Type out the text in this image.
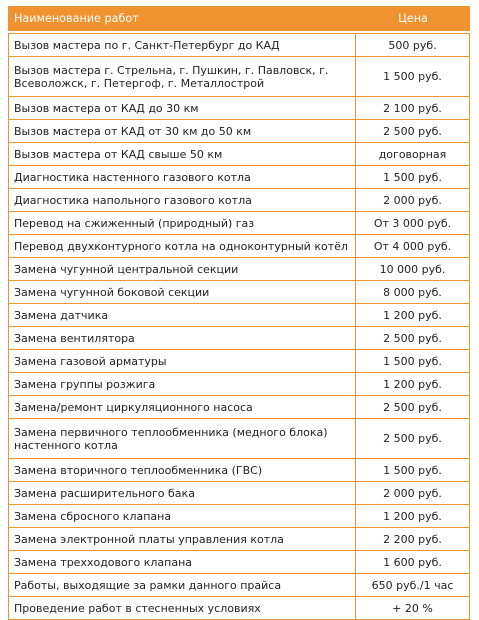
Наименование работ	Цена
Вызов мастера по г. Санкт-Петербург до КАД	500 руб.
Вызов мастера г. Стрельна, г. Пушкин, г. Павловск, г. Всеволожск, г. Петергоф, г. Металлострой	1 500 руб.
Вызов мастера от КАД до 30 км	2 100 руб.
Вызов мастера от КАД от 30 км до 50 км	2 500 руб.
Вызов мастера от КАД свыше 50 км	договорная
Диагностика настенного газового котла	1 500 руб.
Диагностика напольного газового котла	2 000 руб.
Перевод на сжиженный (природный) газ	От 3 000 руб.
Перевод двухконтурного котла на одноконтурный котёл	От 4 000 руб.
Замена чугунной центральной секции	10 000 руб.
Замена чугунной боковой секции	8 000 руб.
Замена датчика	1 200 руб.
Замена вентилятора	2 500 руб.
Замена газовой арматуры	1 500 руб.
Замена группы розжига	1 200 руб.
Замена/ремонт циркуляционного насоса	2 500 руб.
Замена первичного теплообменника (медного блока) настенного котла	2 500 руб.
Замена вторичного теплообменника (ГВС)	1 500 руб.
Замена расширительного бака	2 000 руб.
Замена сбросного клапана	1 200 руб.
Замена электронной платы управления котла	2 200 руб.
Замена трехходового клапана	1 600 руб.
Работы, выходящие за рамки данного прайса	650 руб./1 час
Проведение работ в стесненных условиях	+ 20 %
